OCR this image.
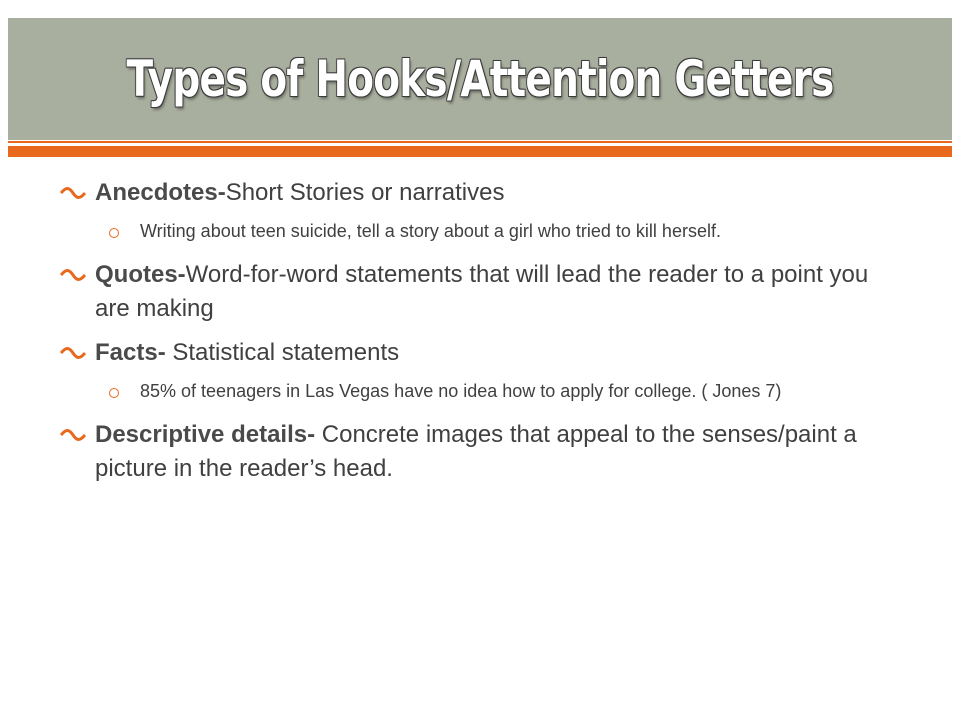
Types of Hooks/Attention Getters
Anecdotes-Short Stories or narratives
Writing about teen suicide, tell a story about a girl who tried to kill herself.
Quotes-Word-for-word statements that will lead the reader to a point you are making
Facts- Statistical statements
85% of teenagers in Las Vegas have no idea how to apply for college. ( Jones 7)
Descriptive details- Concrete images that appeal to the senses/paint a picture in the reader’s head.
